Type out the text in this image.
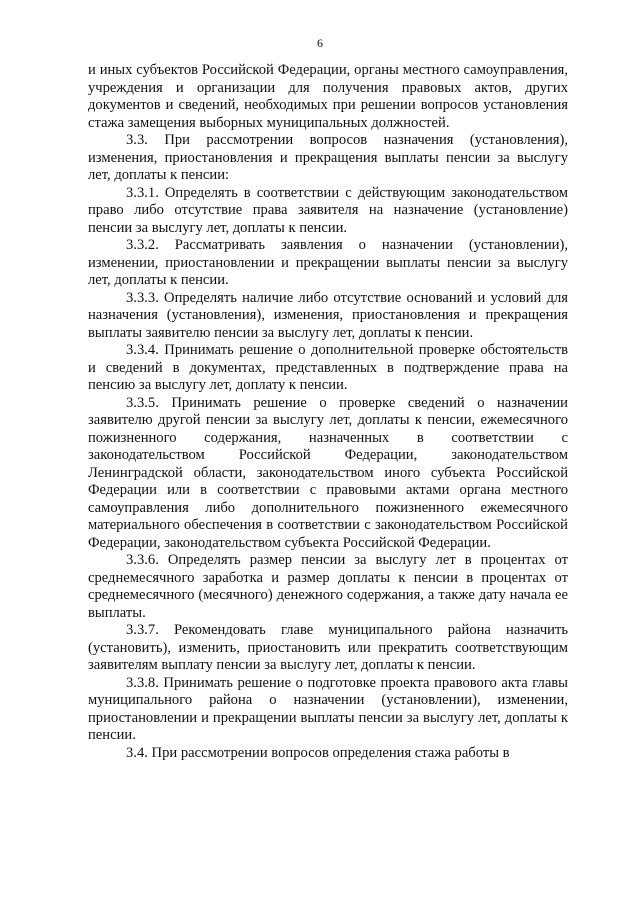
6

и иных субъектов Российской Федерации, органы местного самоуправления, учреждения и организации для получения правовых актов, других документов и сведений, необходимых при решении вопросов установления стажа замещения выборных муниципальных должностей.

3.3. При рассмотрении вопросов назначения (установления), изменения, приостановления и прекращения выплаты пенсии за выслугу лет, доплаты к пенсии:

3.3.1. Определять в соответствии с действующим законодательством право либо отсутствие права заявителя на назначение (установление) пенсии за выслугу лет, доплаты к пенсии.

3.3.2. Рассматривать заявления о назначении (установлении), изменении, приостановлении и прекращении выплаты пенсии за выслугу лет, доплаты к пенсии.

3.3.3. Определять наличие либо отсутствие оснований и условий для назначения (установления), изменения, приостановления и прекращения выплаты заявителю пенсии за выслугу лет, доплаты к пенсии.

3.3.4. Принимать решение о дополнительной проверке обстоятельств и сведений в документах, представленных в подтверждение права на пенсию за выслугу лет, доплату к пенсии.

3.3.5. Принимать решение о проверке сведений о назначении заявителю другой пенсии за выслугу лет, доплаты к пенсии, ежемесячного пожизненного содержания, назначенных в соответствии с законодательством Российской Федерации, законодательством Ленинградской области, законодательством иного субъекта Российской Федерации или в соответствии с правовыми актами органа местного самоуправления либо дополнительного пожизненного ежемесячного материального обеспечения в соответствии с законодательством Российской Федерации, законодательством субъекта Российской Федерации.

3.3.6. Определять размер пенсии за выслугу лет в процентах от среднемесячного заработка и размер доплаты к пенсии в процентах от среднемесячного (месячного) денежного содержания, а также дату начала ее выплаты.

3.3.7. Рекомендовать главе муниципального района назначить (установить), изменить, приостановить или прекратить соответствующим заявителям выплату пенсии за выслугу лет, доплаты к пенсии.

3.3.8. Принимать решение о подготовке проекта правового акта главы муниципального района о назначении (установлении), изменении, приостановлении и прекращении выплаты пенсии за выслугу лет, доплаты к пенсии.

3.4. При рассмотрении вопросов определения стажа работы в
